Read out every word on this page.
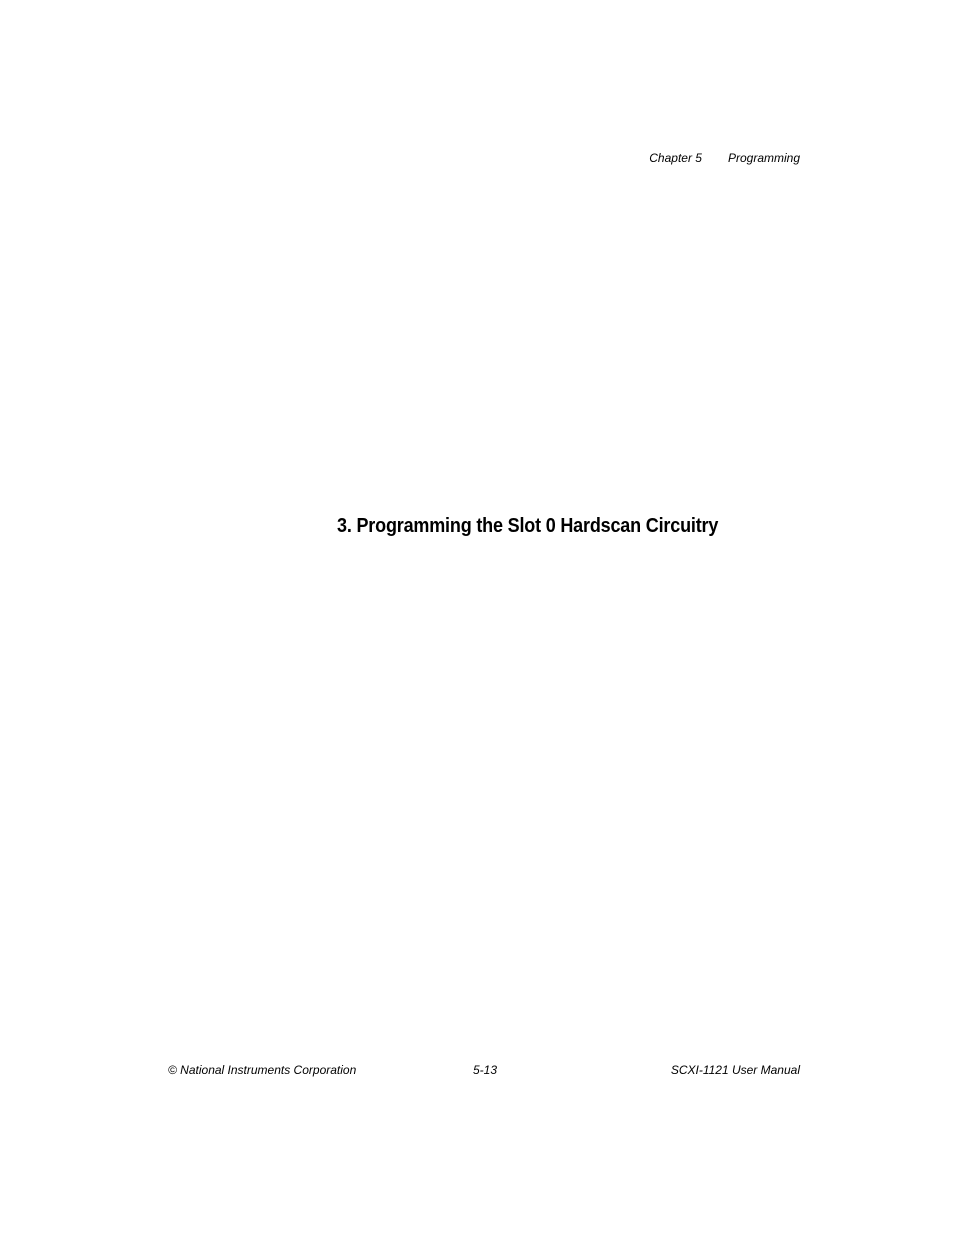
Chapter 5 Programming
3. Programming the Slot 0 Hardscan Circuitry
© National Instruments Corporation	5-13	SCXI-1121 User Manual
